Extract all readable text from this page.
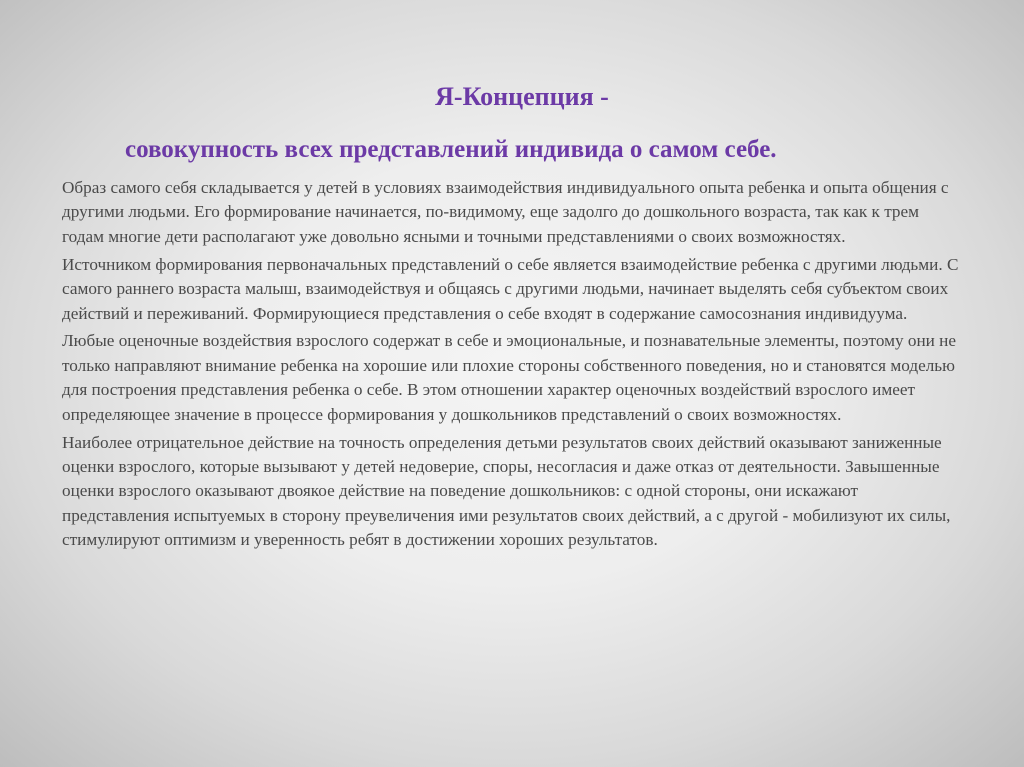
Я-Концепция -
совокупность всех представлений индивида о самом себе.

Образ самого себя складывается у детей в условиях взаимодействия индивидуального опыта ребенка и опыта общения с другими людьми. Его формирование начинается, по-видимому, еще задолго до дошкольного возраста, так как к трем годам многие дети располагают уже довольно ясными и точными представлениями о своих возможностях.

Источником формирования первоначальных представлений о себе является взаимодействие ребенка с другими людьми. С самого раннего возраста малыш, взаимодействуя и общаясь с другими людьми, начинает выделять себя субъектом своих действий и переживаний. Формирующиеся представления о себе входят в содержание самосознания индивидуума.

Любые оценочные воздействия взрослого содержат в себе и эмоциональные, и познавательные элементы, поэтому они не только направляют внимание ребенка на хорошие или плохие стороны собственного поведения, но и становятся моделью для построения представления ребенка о себе. В этом отношении характер оценочных воздействий взрослого имеет определяющее значение в процессе формирования у дошкольников представлений о своих возможностях.

Наиболее отрицательное действие на точность определения детьми результатов своих действий оказывают заниженные оценки взрослого, которые вызывают у детей недоверие, споры, несогласия и даже отказ от деятельности. Завышенные оценки взрослого оказывают двоякое действие на поведение дошкольников: с одной стороны, они искажают представления испытуемых в сторону преувеличения ими результатов своих действий, а с другой - мобилизуют их силы, стимулируют оптимизм и уверенность ребят в достижении хороших результатов.
